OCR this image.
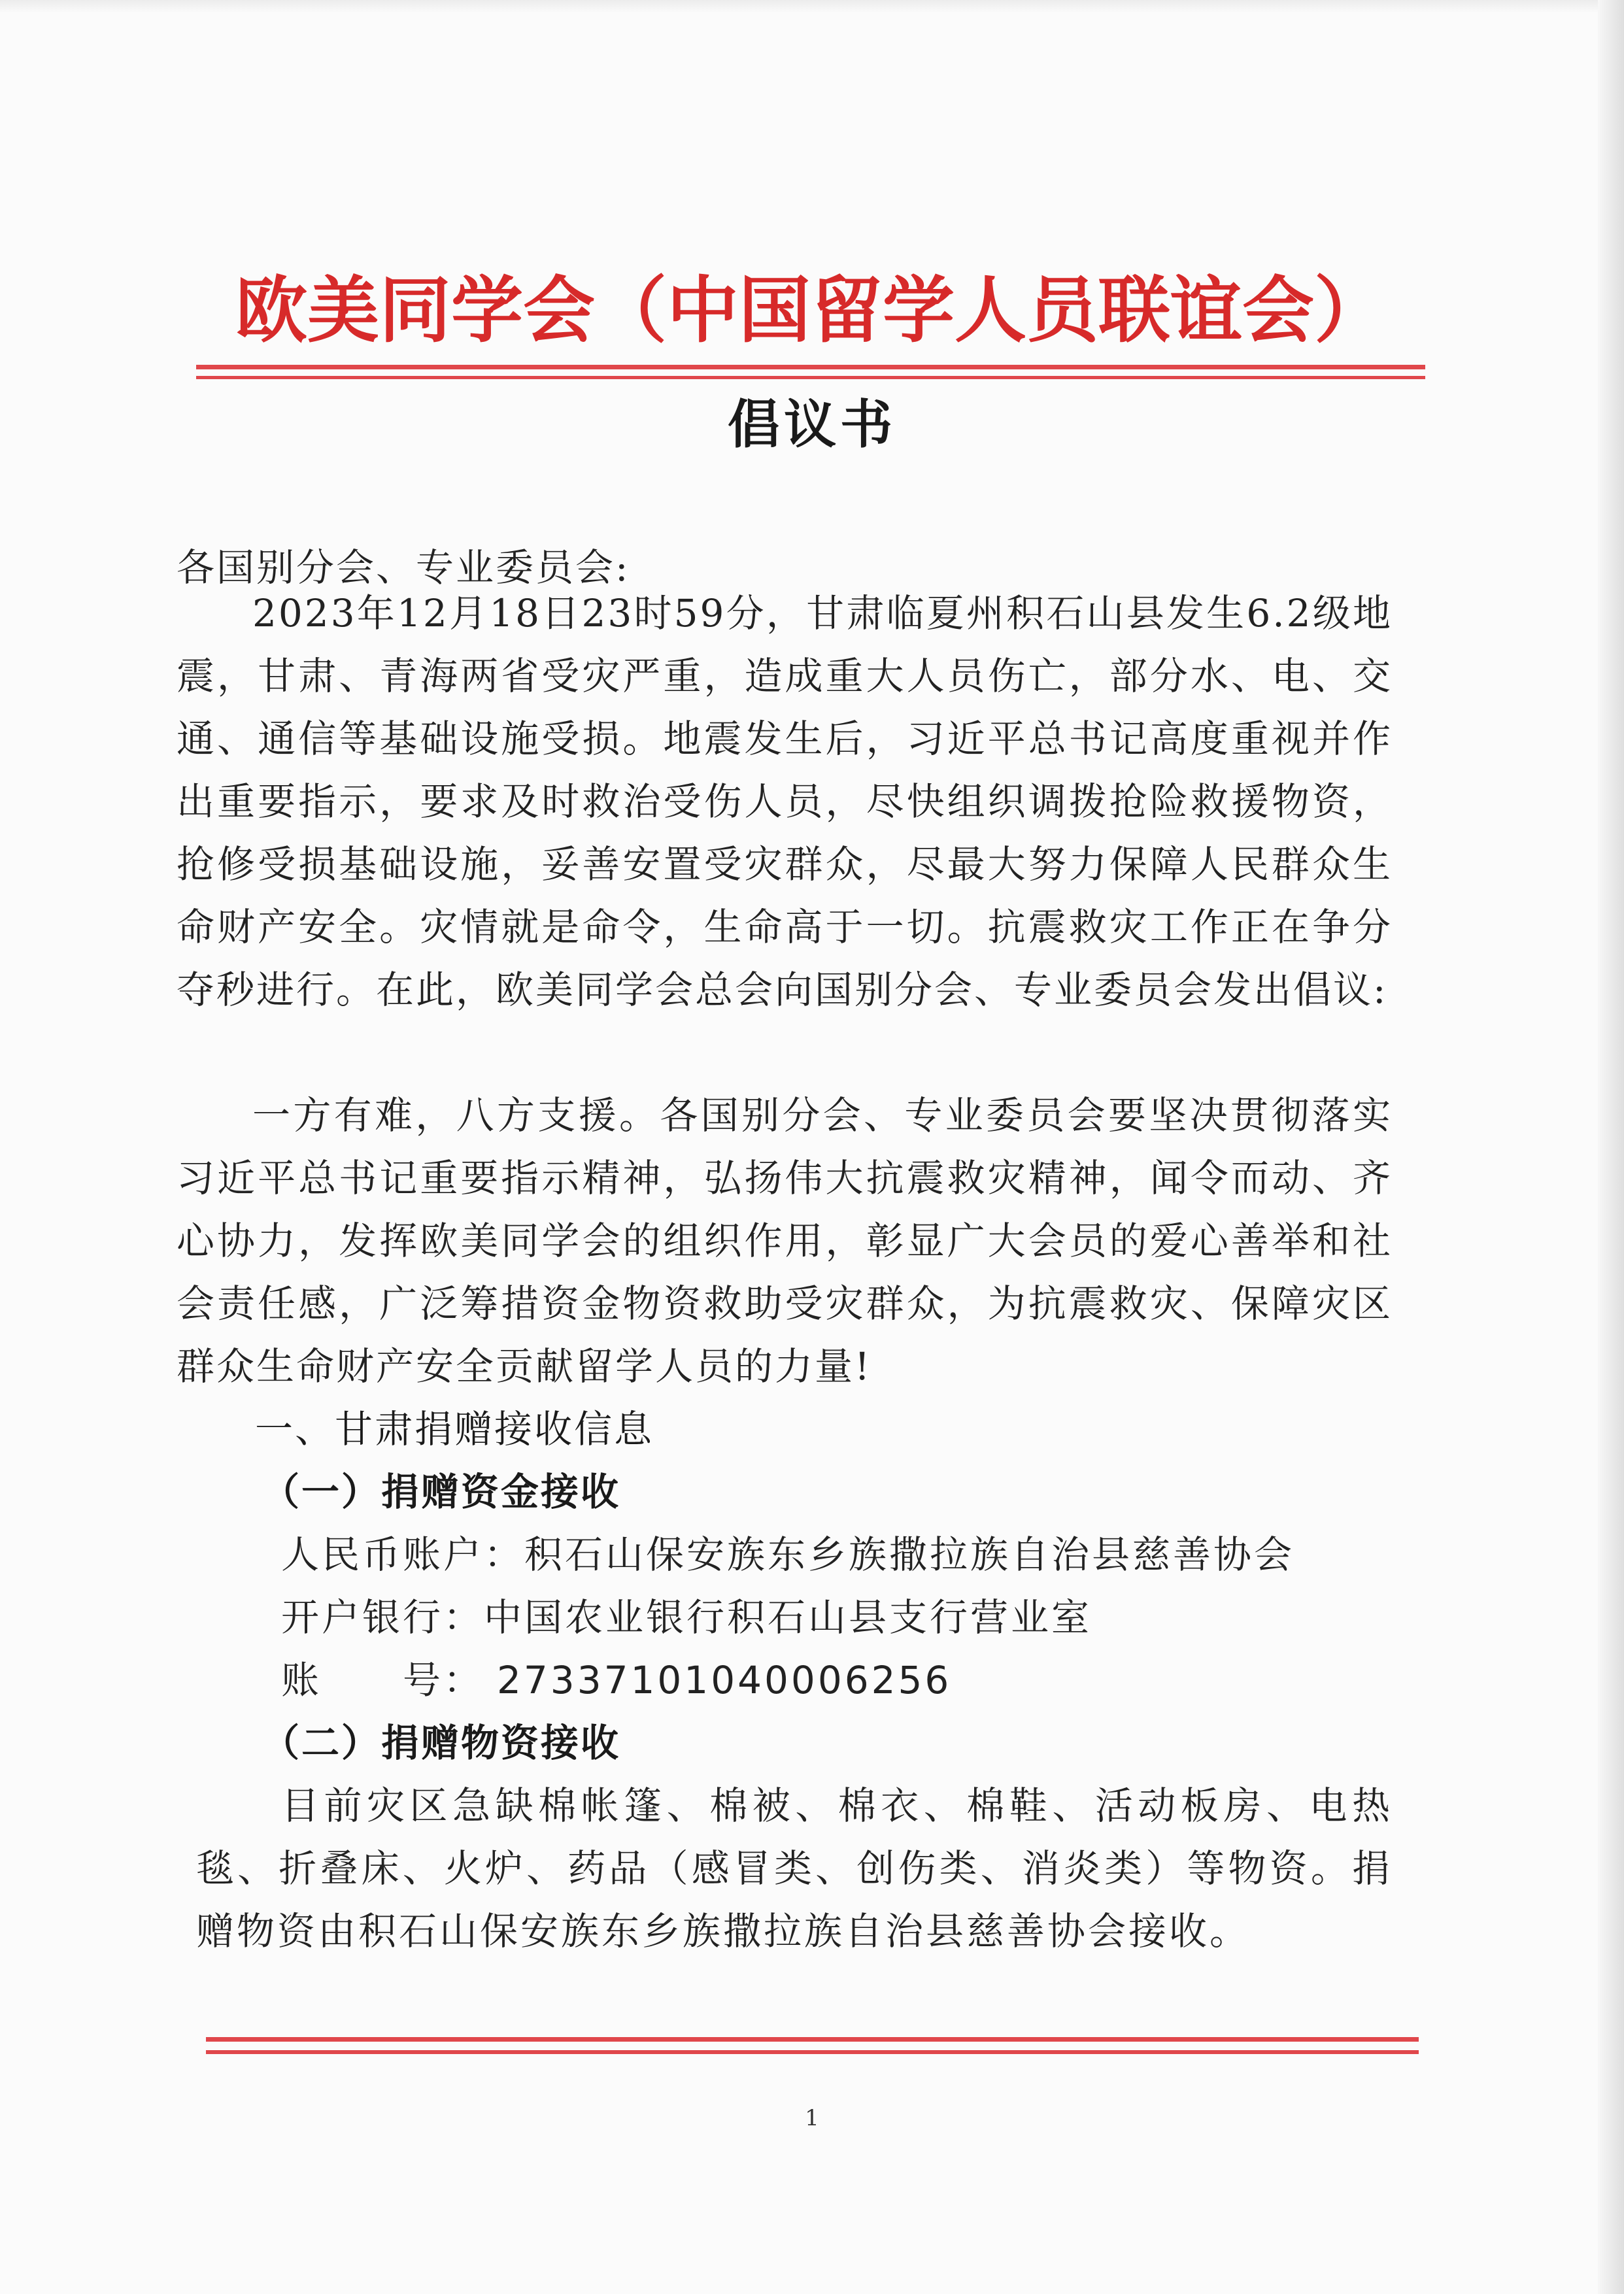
欧美同学会（中国留学人员联谊会）
倡议书
各国别分会、专业委员会:
2023年12月18日23时59分，甘肃临夏州积石山县发生6.2级地震，甘肃、青海两省受灾严重，造成重大人员伤亡，部分水、电、交通、通信等基础设施受损。地震发生后，习近平总书记高度重视并作出重要指示，要求及时救治受伤人员，尽快组织调拨抢险救援物资，抢修受损基础设施，妥善安置受灾群众，尽最大努力保障人民群众生命财产安全。灾情就是命令，生命高于一切。抗震救灾工作正在争分夺秒进行。在此，欧美同学会总会向国别分会、专业委员会发出倡议:
一方有难，八方支援。各国别分会、专业委员会要坚决贯彻落实习近平总书记重要指示精神，弘扬伟大抗震救灾精神，闻令而动、齐心协力，发挥欧美同学会的组织作用，彰显广大会员的爱心善举和社会责任感，广泛筹措资金物资救助受灾群众，为抗震救灾、保障灾区群众生命财产安全贡献留学人员的力量!
一、甘肃捐赠接收信息
（一）捐赠资金接收
人民币账户：积石山保安族东乡族撒拉族自治县慈善协会
开户银行：中国农业银行积石山县支行营业室
账　　号： 27337101040006256
（二）捐赠物资接收
目前灾区急缺棉帐篷、棉被、棉衣、棉鞋、活动板房、电热毯、折叠床、火炉、药品（感冒类、创伤类、消炎类）等物资。捐赠物资由积石山保安族东乡族撒拉族自治县慈善协会接收。
1
